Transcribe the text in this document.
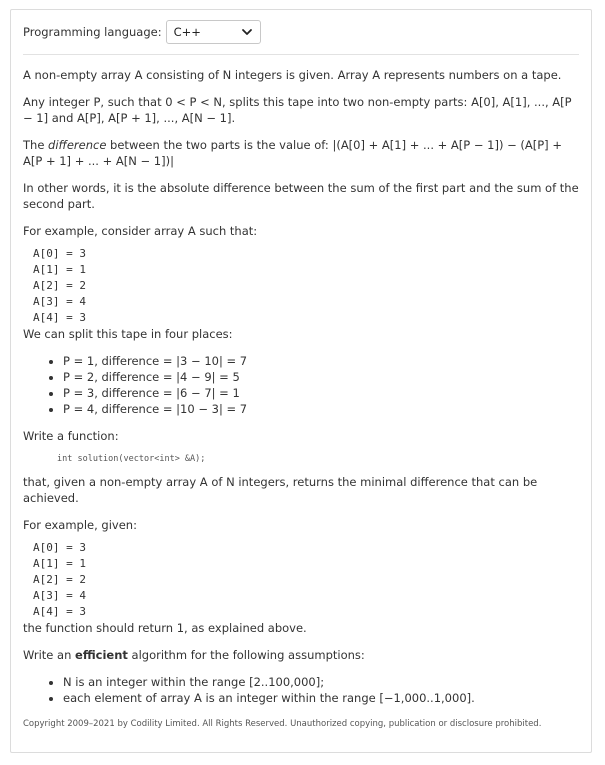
Programming language: C++

A non-empty array A consisting of N integers is given. Array A represents numbers on a tape.

Any integer P, such that 0 < P < N, splits this tape into two non-empty parts: A[0], A[1], ..., A[P − 1] and A[P], A[P + 1], ..., A[N − 1].

The difference between the two parts is the value of: |(A[0] + A[1] + ... + A[P − 1]) − (A[P] + A[P + 1] + ... + A[N − 1])|

In other words, it is the absolute difference between the sum of the first part and the sum of the second part.

For example, consider array A such that:

A[0] = 3
A[1] = 1
A[2] = 2
A[3] = 4
A[4] = 3

We can split this tape in four places:

• P = 1, difference = |3 − 10| = 7
• P = 2, difference = |4 − 9| = 5
• P = 3, difference = |6 − 7| = 1
• P = 4, difference = |10 − 3| = 7

Write a function:

int solution(vector<int> &A);

that, given a non-empty array A of N integers, returns the minimal difference that can be achieved.

For example, given:

A[0] = 3
A[1] = 1
A[2] = 2
A[3] = 4
A[4] = 3

the function should return 1, as explained above.

Write an efficient algorithm for the following assumptions:

• N is an integer within the range [2..100,000];
• each element of array A is an integer within the range [−1,000..1,000].
Copyright 2009–2021 by Codility Limited. All Rights Reserved. Unauthorized copying, publication or disclosure prohibited.
